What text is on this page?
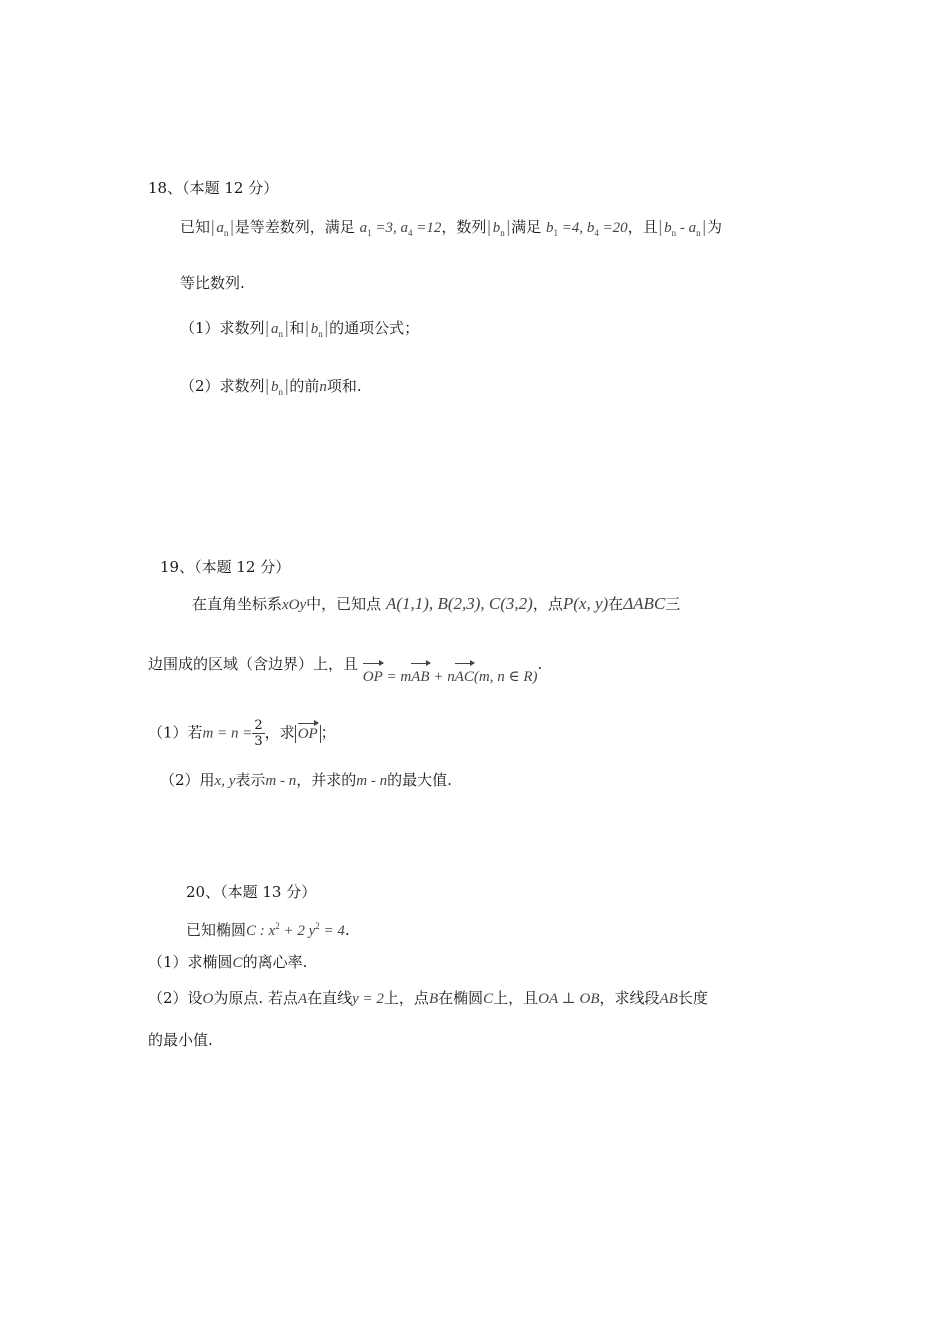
18、（本题 12 分）
已知$|a_n|$是等差数列，满足 $a_1 =3$, $a_4 =12$，数列$|b_n|$满足 $b_1 =4$, $b_4 =20$，且$|b_n - a_n|$为
等比数列.
（1）求数列$|a_n|$和$|b_n|$的通项公式；
（2）求数列$|b_n|$的前n项和.
19、（本题 12 分）
在直角坐标系xOy中，已知点 A(1,1), B(2,3), C(3,2)，点P(x, y)在ΔABC三
边围成的区域（含边界）上，且 OP = mAB + nAC(m, n ∈ R).
（1）若$m = n = \frac{2}{3}$ ，求 OP ；
（2）用x, y表示m - n，并求的m - n的最大值.
20、（本题 13 分）
已知椭圆C : $x^2 + 2$ $y^2 = 4$.
（1）求椭圆C的离心率.
（2）设O为原点. 若点A在直线y = 2上，点B在椭圆C上，且OA ⊥ OB，求线段AB长度
的最小值.
